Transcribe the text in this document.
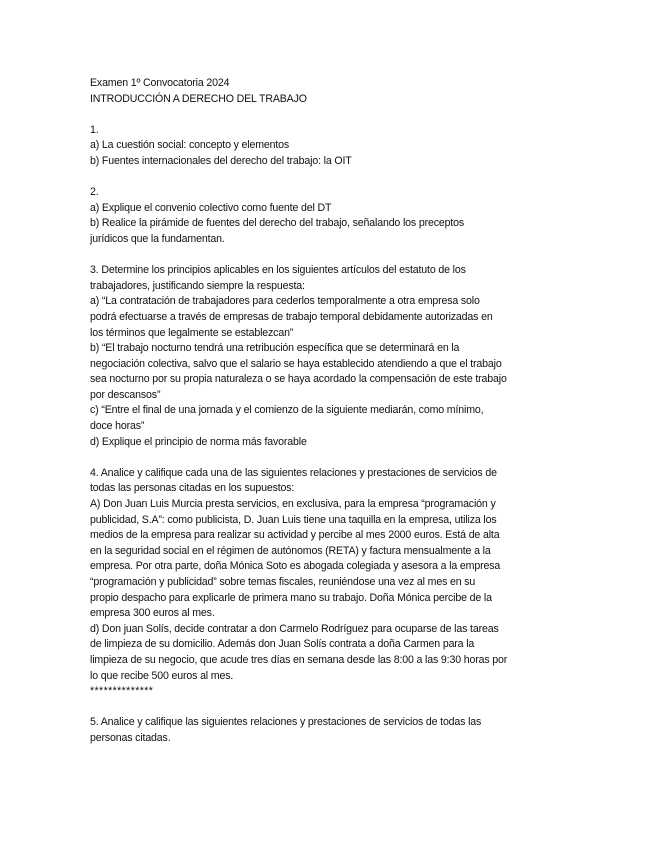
Examen 1º Convocatoria 2024

INTRODUCCIÓN A DERECHO DEL TRABAJO

1.

a) La cuestión social: concepto y elementos

b) Fuentes internacionales del derecho del trabajo: la OIT

2.

a) Explique el convenio colectivo como fuente del DT

b) Realice la pirámide de fuentes del derecho del trabajo, señalando los preceptos

jurídicos que la fundamentan.

3. Determine los principios aplicables en los siguientes artículos del estatuto de los

trabajadores, justificando siempre la respuesta:

a) “La contratación de trabajadores para cederlos temporalmente a otra empresa solo

podrá efectuarse a través de empresas de trabajo temporal debidamente autorizadas en

los términos que legalmente se establezcan”

b) “El trabajo nocturno tendrá una retribución específica que se determinará en la

negociación colectiva, salvo que el salario se haya establecido atendiendo a que el trabajo

sea nocturno por su propia naturaleza o se haya acordado la compensación de este trabajo

por descansos”

c) “Entre el final de una jornada y el comienzo de la siguiente mediarán, como mínimo,

doce horas”

d) Explique el principio de norma más favorable

4. Analice y califique cada una de las siguientes relaciones y prestaciones de servicios de

todas las personas citadas en los supuestos:

A) Don Juan Luis Murcia presta servicios, en exclusiva, para la empresa “programación y

publicidad, S.A”: como publicista, D. Juan Luis tiene una taquilla en la empresa, utiliza los

medios de la empresa para realizar su actividad y percibe al mes 2000 euros. Está de alta

en la seguridad social en el régimen de autónomos (RETA) y factura mensualmente a la

empresa. Por otra parte, doña Mónica Soto es abogada colegiada y asesora a la empresa

“programación y publicidad” sobre temas fiscales, reuniéndose una vez al mes en su

propio despacho para explicarle de primera mano su trabajo. Doña Mónica percibe de la

empresa 300 euros al mes.

d) Don juan Solís, decide contratar a don Carmelo Rodríguez para ocuparse de las tareas

de limpieza de su domicilio. Además don Juan Solís contrata a doña Carmen para la

limpieza de su negocio, que acude tres días en semana desde las 8:00 a las 9:30 horas por

lo que recibe 500 euros al mes.

**************

5. Analice y califique las siguientes relaciones y prestaciones de servicios de todas las

personas citadas.
